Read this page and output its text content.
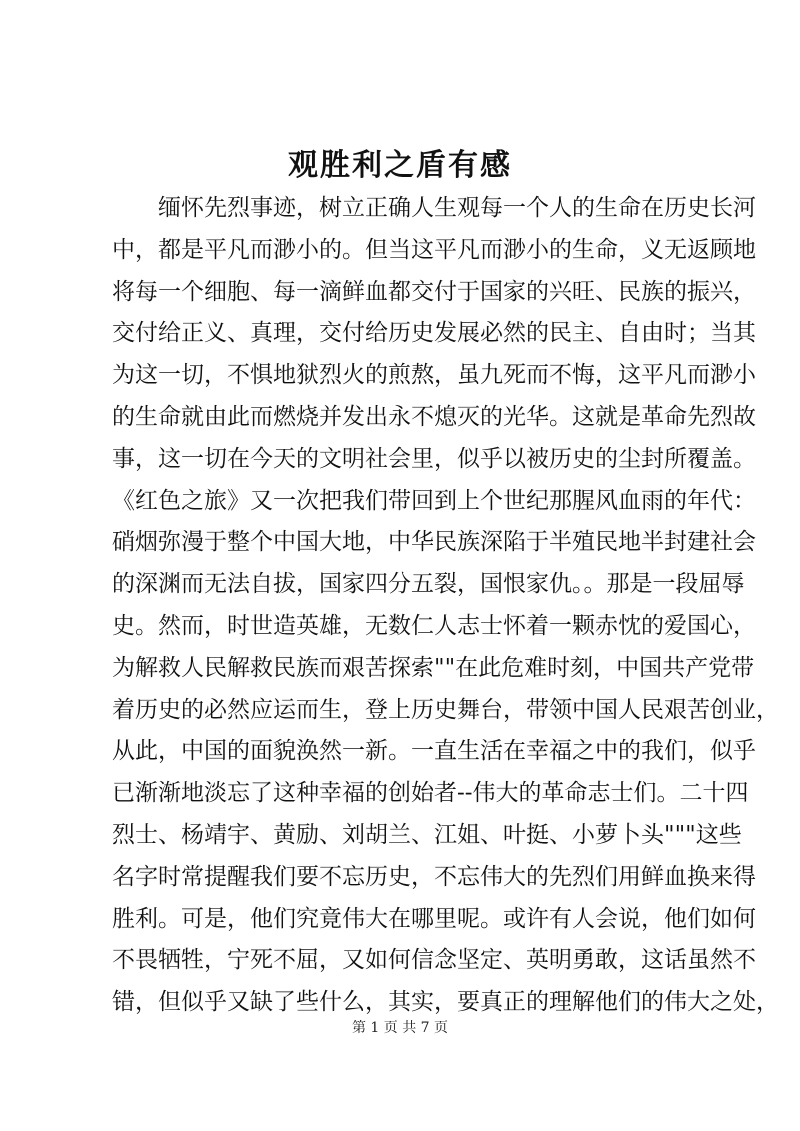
观胜利之盾有感
缅怀先烈事迹，树立正确人生观每一个人的生命在历史长河
中，都是平凡而渺小的。但当这平凡而渺小的生命，义无返顾地
将每一个细胞、每一滴鲜血都交付于国家的兴旺、民族的振兴，
交付给正义、真理，交付给历史发展必然的民主、自由时；当其
为这一切，不惧地狱烈火的煎熬，虽九死而不悔，这平凡而渺小
的生命就由此而燃烧并发出永不熄灭的光华。这就是革命先烈故
事，这一切在今天的文明社会里，似乎以被历史的尘封所覆盖。
《红色之旅》又一次把我们带回到上个世纪那腥风血雨的年代：
硝烟弥漫于整个中国大地，中华民族深陷于半殖民地半封建社会
的深渊而无法自拔，国家四分五裂，国恨家仇。。那是一段屈辱
史。然而，时世造英雄，无数仁人志士怀着一颗赤忱的爱国心，
为解救人民解救民族而艰苦探索""在此危难时刻，中国共产党带
着历史的必然应运而生，登上历史舞台，带领中国人民艰苦创业，
从此，中国的面貌涣然一新。一直生活在幸福之中的我们，似乎
已渐渐地淡忘了这种幸福的创始者--伟大的革命志士们。二十四
烈士、杨靖宇、黄励、刘胡兰、江姐、叶挺、小萝卜头"""这些
名字时常提醒我们要不忘历史，不忘伟大的先烈们用鲜血换来得
胜利。可是，他们究竟伟大在哪里呢。或许有人会说，他们如何
不畏牺牲，宁死不屈，又如何信念坚定、英明勇敢，这话虽然不
错，但似乎又缺了些什么，其实，要真正的理解他们的伟大之处，
第 1 页 共 7 页
